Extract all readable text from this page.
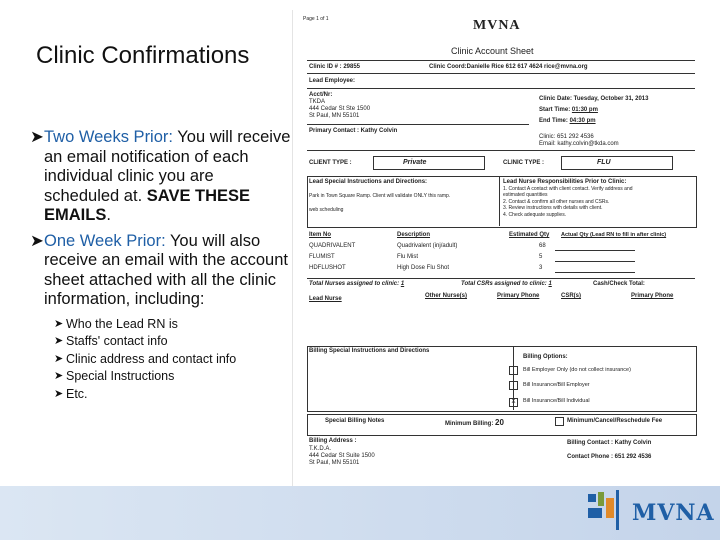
Clinic Confirmations
➤ Two Weeks Prior: You will receive an email notification of each individual clinic you are scheduled at. SAVE THESE EMAILS.
➤ One Week Prior: You will also receive an email with the account sheet attached with all the clinic information, including:
➤ Who the Lead RN is
➤ Staffs' contact info
➤ Clinic address and contact info
➤ Special Instructions
➤ Etc.
Page 1 of 1	MVNA
Clinic Account Sheet
Clinic ID # : 29855	Clinic Coord:Danielle Rice 612 617 4624 rice@mvna.org
Lead Employee:
Acct/Nr:
TKDA
444 Cedar St Ste 1500
St Paul, MN 55101
Clinic Date: Tuesday, October 31, 2013
Start Time: 01:30 pm
End Time: 04:30 pm
Primary Contact : Kathy Colvin
Clinic: 651 292 4536
Email: kathy.colvin@tkda.com
CLIENT TYPE :	Private	CLINIC TYPE :	FLU
Lead Special Instructions and Directions:
Park in Town Square Ramp. Client will validate ONLY this ramp.
web scheduling
Lead Nurse Responsibilities Prior to Clinic:
1. Contact A contact with client contact. Verify address and
estimated quantities
2. Contact & confirm all other nurses and CSRs.
3. Review instructions with details with client.
4. Check adequate supplies.
Item No	Description	Estimated Qty Actual Qty (Lead RN to fill in after clinic)
QUADRIVALENT	Quadrivalent (inj/adult)	68
FLUMIST	Flu Mist	5
HDFLUSHOT	High Dose Flu Shot	3
Total Nurses assigned to clinic: 1	Total CSRs assigned to clinic: 1	Cash/Check Total:
Lead Nurse	Other Nurse(s)	Primary Phone	CSR(s)	Primary Phone
Billing Special Instructions and Directions
Billing Options:
Bill Employer Only (do not collect insurance)
Bill Insurance/Bill Employer
X	Bill Insurance/Bill Individual
Special Billing Notes	Minimum Billing: 20	Minimum/Cancel/Reschedule Fee
Billing Address :
T.K.D.A.
444 Cedar St Suite 1500
St Paul, MN 55101
Billing Contact : Kathy Colvin
Contact Phone : 651 292 4536
MVNA
